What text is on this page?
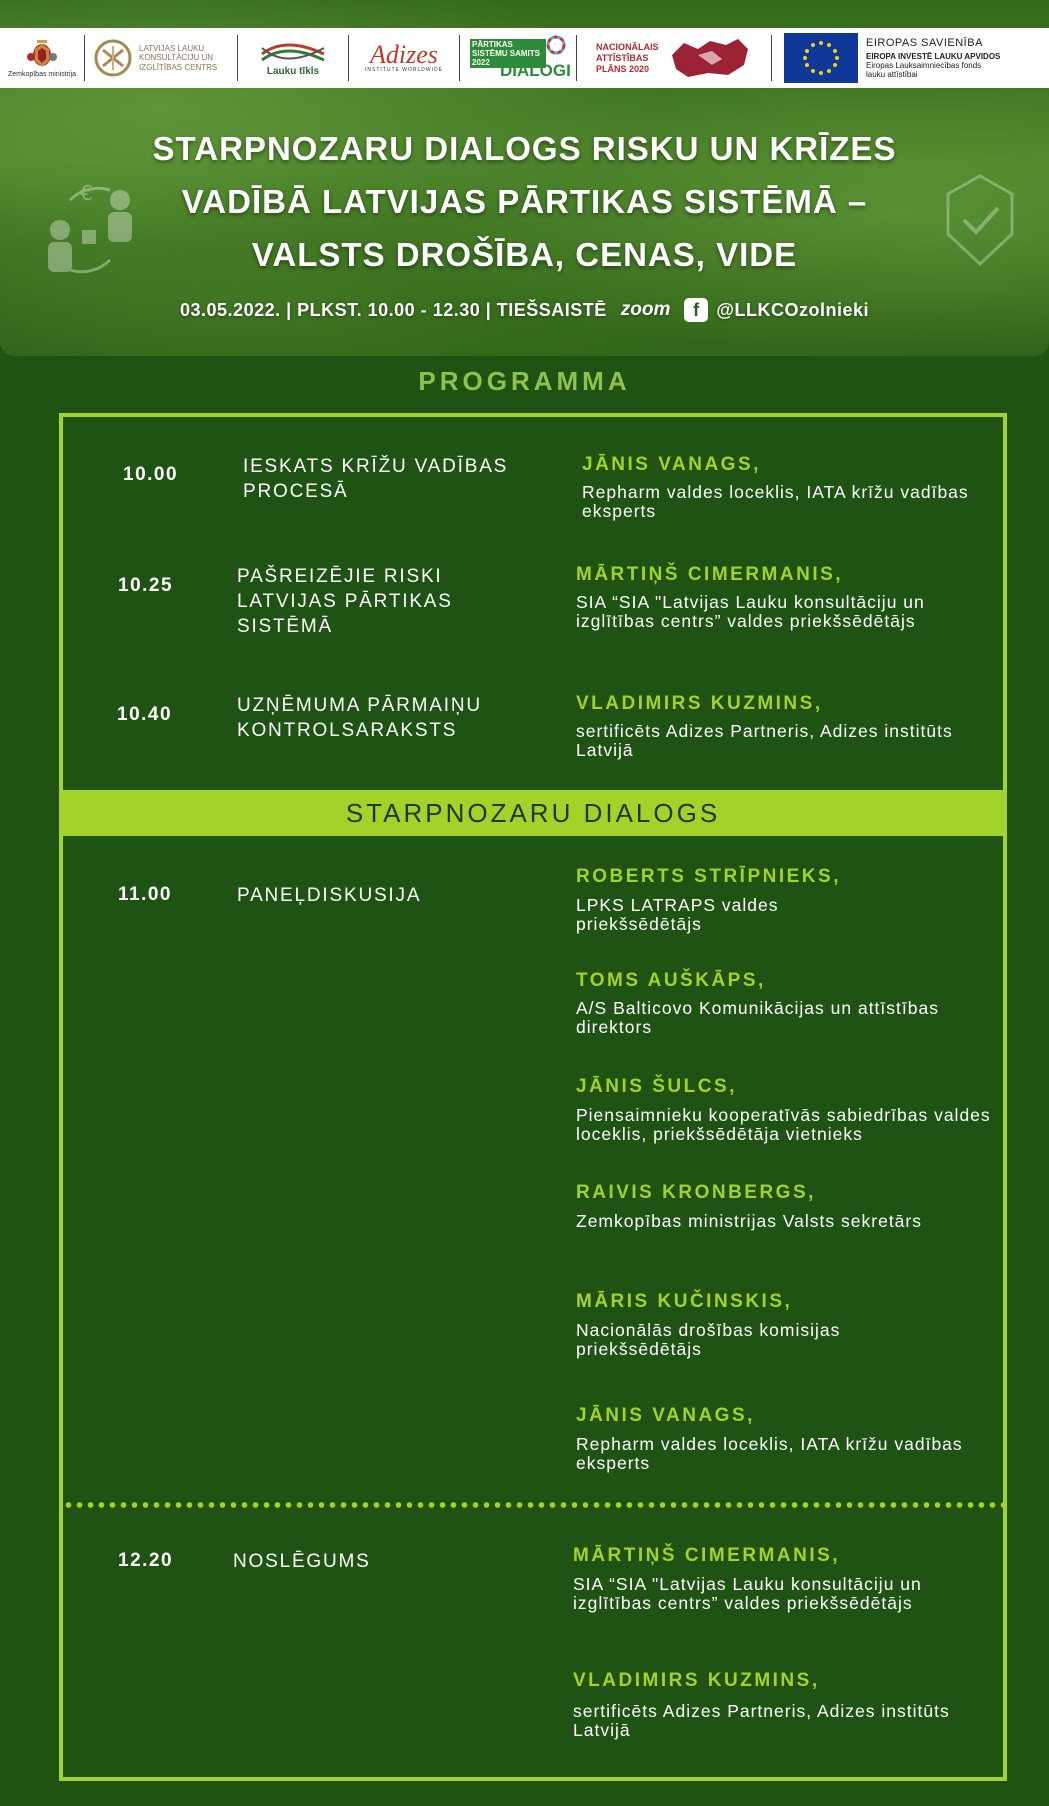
Zemkopības ministrija
LATVIJAS LAUKU KONSULTĀCIJU UN IZGLĪTĪBAS CENTRS	Lauku tīkls
Adizes
INSTITUTE WORLDWIDE
PĀRTIKAS SISTĒMU SAMITS 2022 DIALOGI
NACIONĀLAIS ATTĪSTĪBAS PLĀNS 2020
EIROPAS SAVIENĪBA
EIROPA INVESTĒ LAUKU APVIDOS
Eiropas Lauksaimniecības fonds
lauku attīstībai
€
STARPNOZARU DIALOGS RISKU UN KRĪZES
VADĪBĀ LATVIJAS PĀRTIKAS SISTĒMĀ –
VALSTS DROŠĪBA, CENAS, VIDE
03.05.2022. | PLKST. 10.00 - 12.30 | TIEŠSAISTĒ zoom	f @LLKCOzolnieki
PROGRAMMA
STARPNOZARU DIALOGS
10.00	IESKATS KRĪŽU VADĪBAS PROCESĀ
JĀNIS VANAGS,
Repharm valdes loceklis, IATA krīžu vadības eksperts
10.25	PAŠREIZĒJIE RISKI LATVIJAS PĀRTIKAS SISTĒMĀ
MĀRTIŅŠ CIMERMANIS,
SIA “SIA "Latvijas Lauku konsultāciju un izglītības centrs” valdes priekšsēdētājs
10.40	UZŅĒMUMA PĀRMAIŅU KONTROLSARAKSTS
VLADIMIRS KUZMINS,
sertificēts Adizes Partneris, Adizes institūts Latvijā
11.00	PANEĻDISKUSIJA
ROBERTS STRĪPNIEKS,
LPKS LATRAPS valdes priekšsēdētājs
TOMS AUŠKĀPS,
A/S Balticovo Komunikācijas un attīstības direktors
JĀNIS ŠULCS,
Piensaimnieku kooperatīvās sabiedrības valdes loceklis, priekšsēdētāja vietnieks
RAIVIS KRONBERGS,
Zemkopības ministrijas Valsts sekretārs
MĀRIS KUČINSKIS,
Nacionālās drošības komisijas priekšsēdētājs
JĀNIS VANAGS,
Repharm valdes loceklis, IATA krīžu vadības eksperts
12.20	NOSLĒGUMS	MĀRTIŅŠ CIMERMANIS,
SIA “SIA "Latvijas Lauku konsultāciju un izglītības centrs” valdes priekšsēdētājs
VLADIMIRS KUZMINS,
sertificēts Adizes Partneris, Adizes institūts Latvijā
